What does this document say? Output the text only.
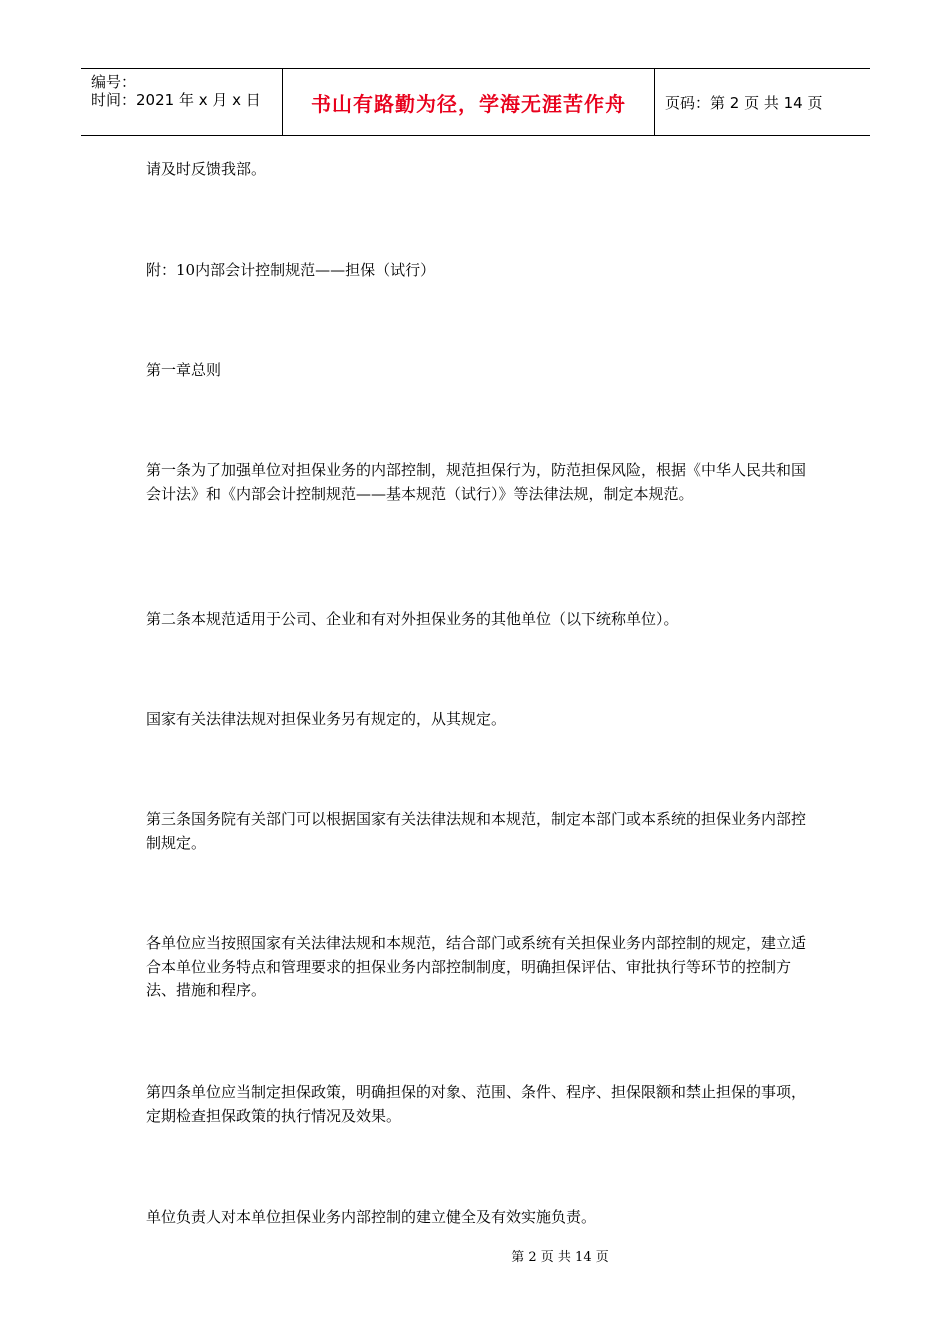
编号：
时间：2021 年 x 月 x 日	书山有路勤为径，学海无涯苦作舟	页码：第 2 页 共 14 页

请及时反馈我部。

附：10内部会计控制规范——担保（试行）

第一章总则

第一条为了加强单位对担保业务的内部控制，规范担保行为，防范担保风险，根据《中华人民共和国会计法》和《内部会计控制规范——基本规范（试行）》等法律法规，制定本规范。

第二条本规范适用于公司、企业和有对外担保业务的其他单位（以下统称单位）。

国家有关法律法规对担保业务另有规定的，从其规定。

第三条国务院有关部门可以根据国家有关法律法规和本规范，制定本部门或本系统的担保业务内部控制规定。

各单位应当按照国家有关法律法规和本规范，结合部门或系统有关担保业务内部控制的规定，建立适合本单位业务特点和管理要求的担保业务内部控制制度，明确担保评估、审批执行等环节的控制方法、措施和程序。

第四条单位应当制定担保政策，明确担保的对象、范围、条件、程序、担保限额和禁止担保的事项，定期检查担保政策的执行情况及效果。

单位负责人对本单位担保业务内部控制的建立健全及有效实施负责。

第 2 页 共 14 页
